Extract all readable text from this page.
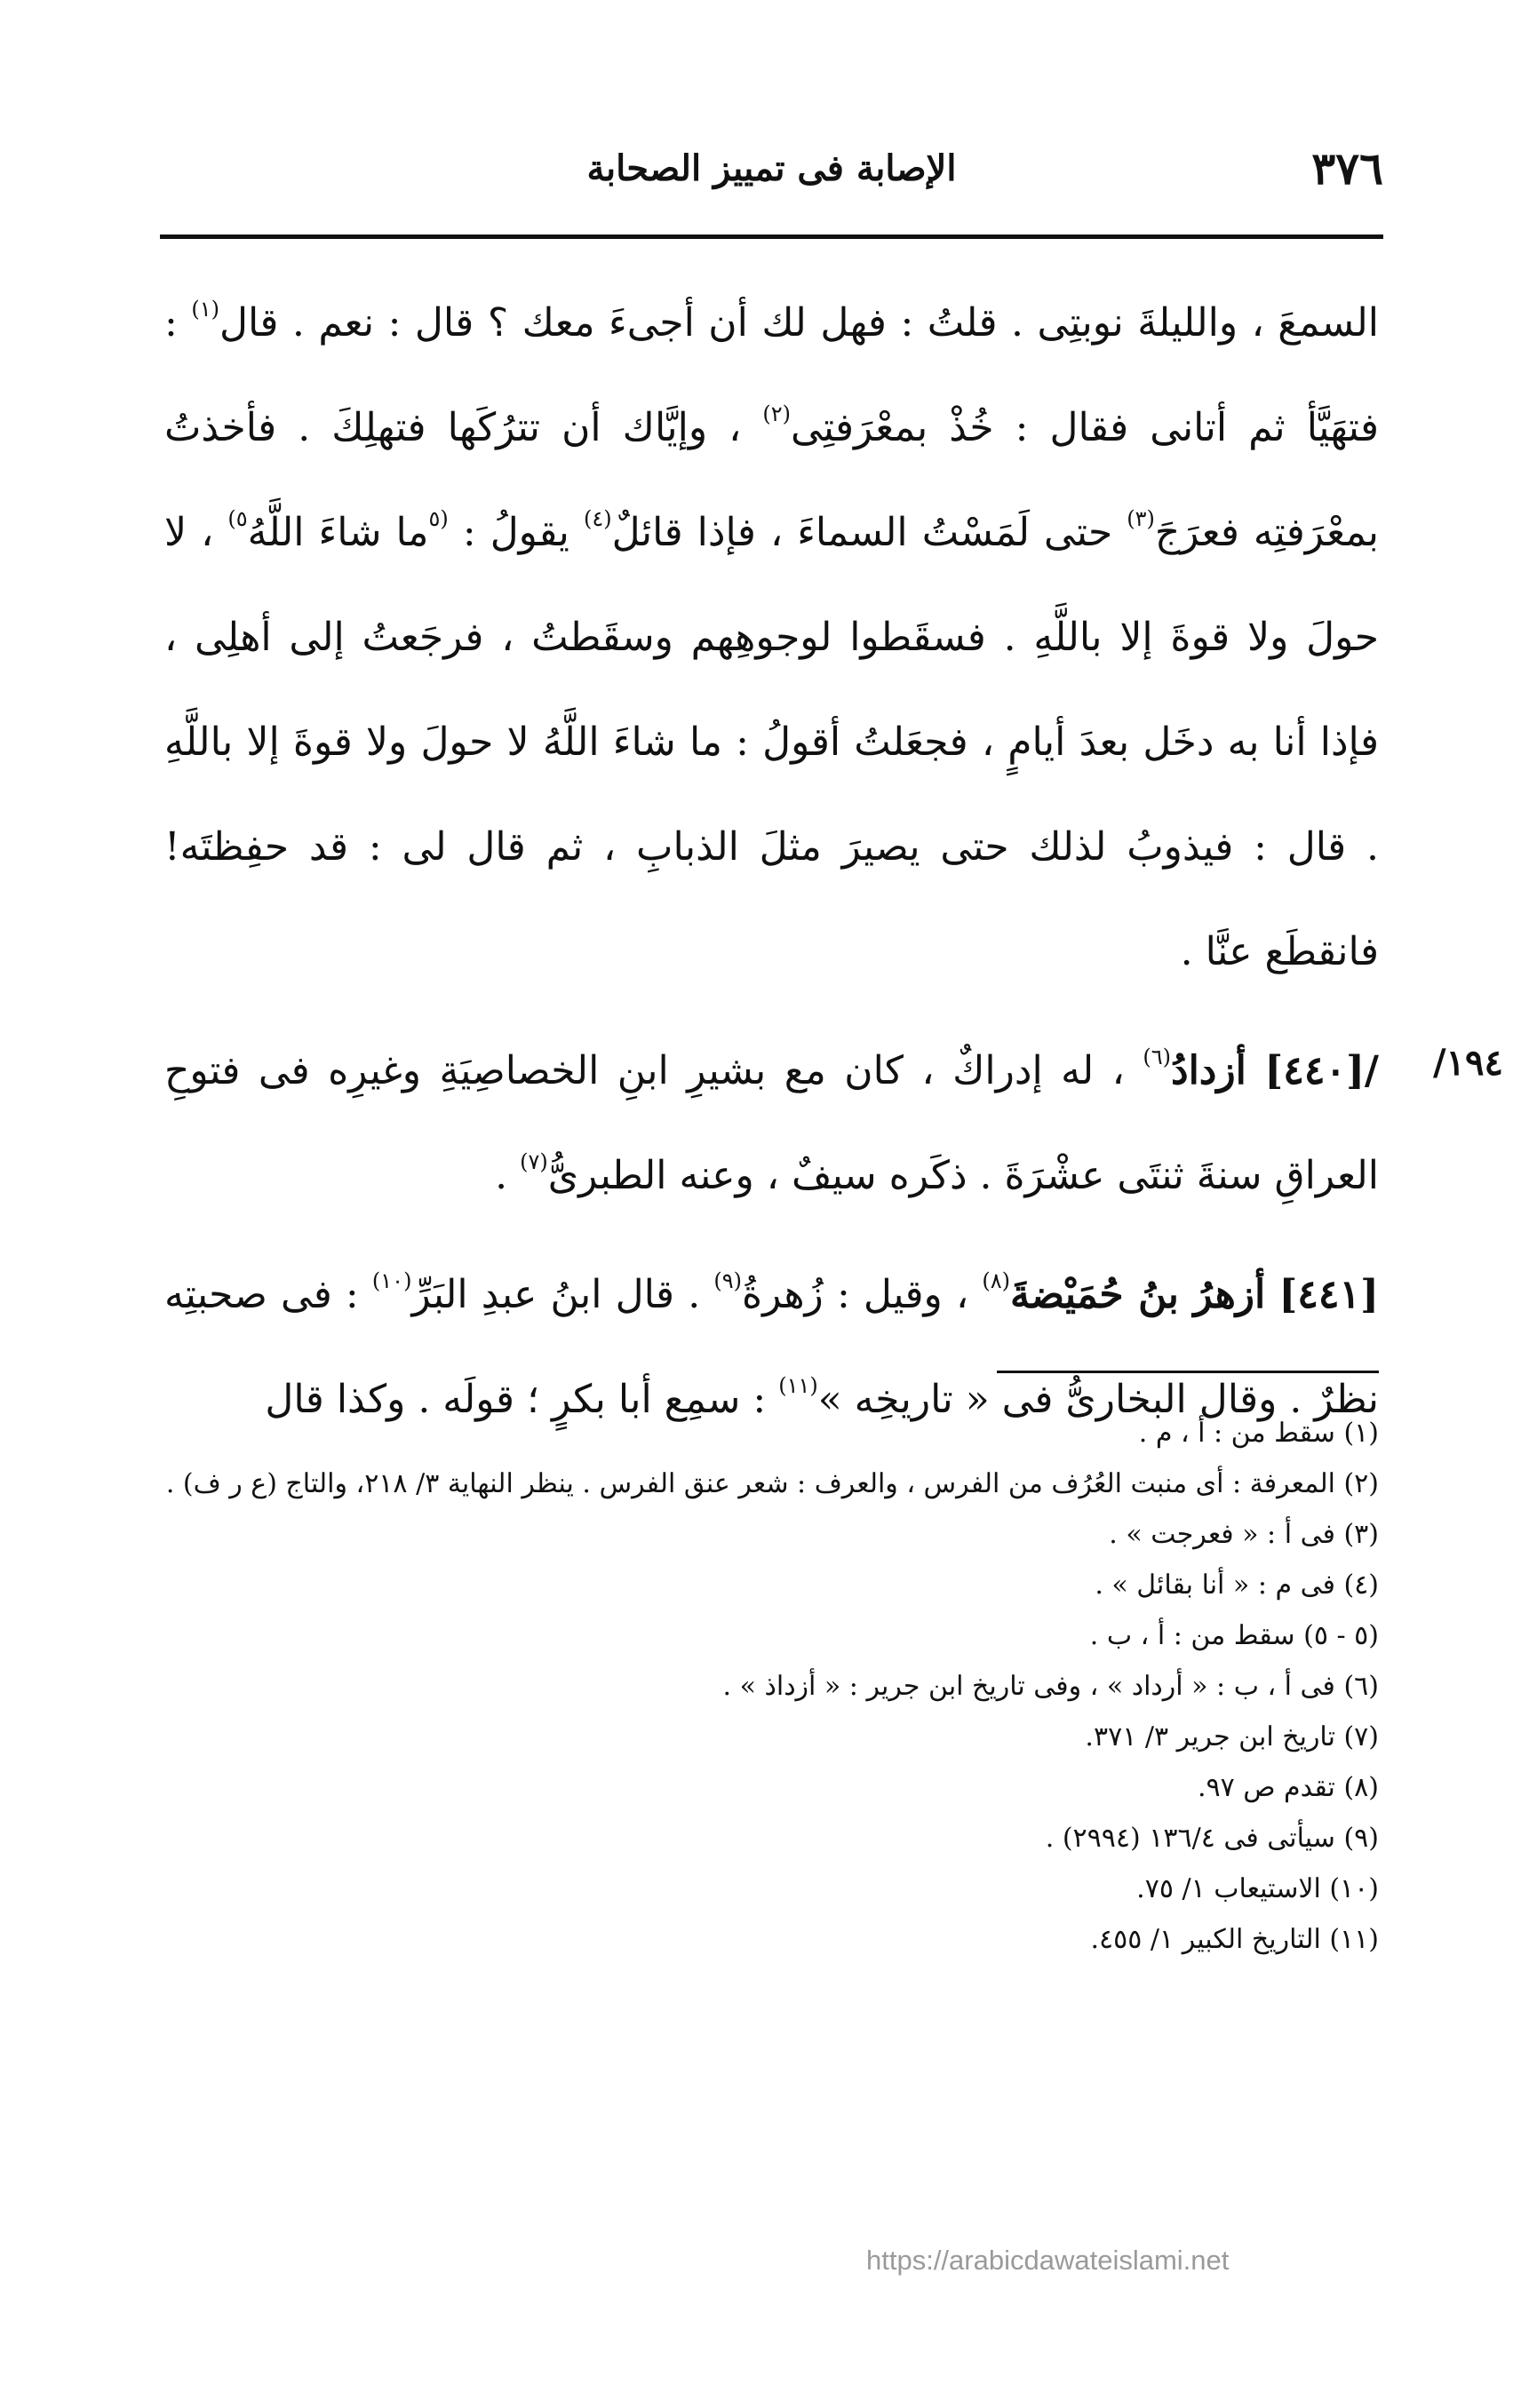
٣٧٦
الإصابة فى تمييز الصحابة

السمعَ ، والليلةَ نوبتِى . قلتُ : فهل لك أن أجىءَ معك ؟ قال : نعم . قال$^{(١)}$ : فتهَيَّأ ثم أتانى فقال : خُذْ بمعْرَفتِى$^{(٢)}$ ، وإيَّاك أن تترُكَها فتهلِكَ . فأخذتُ بمعْرَفتِه فعرَجَ$^{(٣)}$ حتى لَمَسْتُ السماءَ ، فإذا قائلٌ$^{(٤)}$ يقولُ : $^{(٥}$ما شاءَ اللَّهُ$^{٥)}$ ، لا حولَ ولا قوةَ إلا باللَّهِ . فسقَطوا لوجوهِهم وسقَطتُ ، فرجَعتُ إلى أهلِى ، فإذا أنا به دخَل بعدَ أيامٍ ، فجعَلتُ أقولُ : ما شاءَ اللَّهُ لا حولَ ولا قوةَ إلا باللَّهِ . قال : فيذوبُ لذلك حتى يصيرَ مثلَ الذبابِ ، ثم قال لى : قد حفِظتَه! فانقطَع عنَّا .

١٩٤/
/[٤٤٠] أزدادُ$^{(٦)}$ ، له إدراكٌ ، كان مع بشيرِ ابنِ الخصاصِيَةِ وغيرِه فى فتوحِ العراقِ سنةَ ثنتَى عشْرَةَ . ذكَره سيفٌ ، وعنه الطبرىُّ$^{(٧)}$ .

[٤٤١] أزهرُ بنُ حُمَيْضةَ$^{(٨)}$ ، وقيل : زُهرةُ$^{(٩)}$ . قال ابنُ عبدِ البَرِّ$^{(١٠)}$ : فى صحبتِه نظرٌ . وقال البخارىُّ فى « تاريخِه »$^{(١١)}$ : سمِع أبا بكرٍ ؛ قولَه . وكذا قال

(١) سقط من : أ ، م .
(٢) المعرفة : أى منبت العُرُف من الفرس ، والعرف : شعر عنق الفرس . ينظر النهاية ٣/ ٢١٨، والتاج (ع ر ف) .
(٣) فى أ : « فعرجت » .
(٤) فى م : « أنا بقائل » .
(٥ - ٥) سقط من : أ ، ب .
(٦) فى أ ، ب : « أرداد » ، وفى تاريخ ابن جرير : « أزداذ » .
(٧) تاريخ ابن جرير ٣/ ٣٧١.
(٨) تقدم ص ٩٧.
(٩) سيأتى فى ١٣٦/٤ (٢٩٩٤) .
(١٠) الاستيعاب ١/ ٧٥.
(١١) التاريخ الكبير ١/ ٤٥٥.
https://arabicdawateislami.net
